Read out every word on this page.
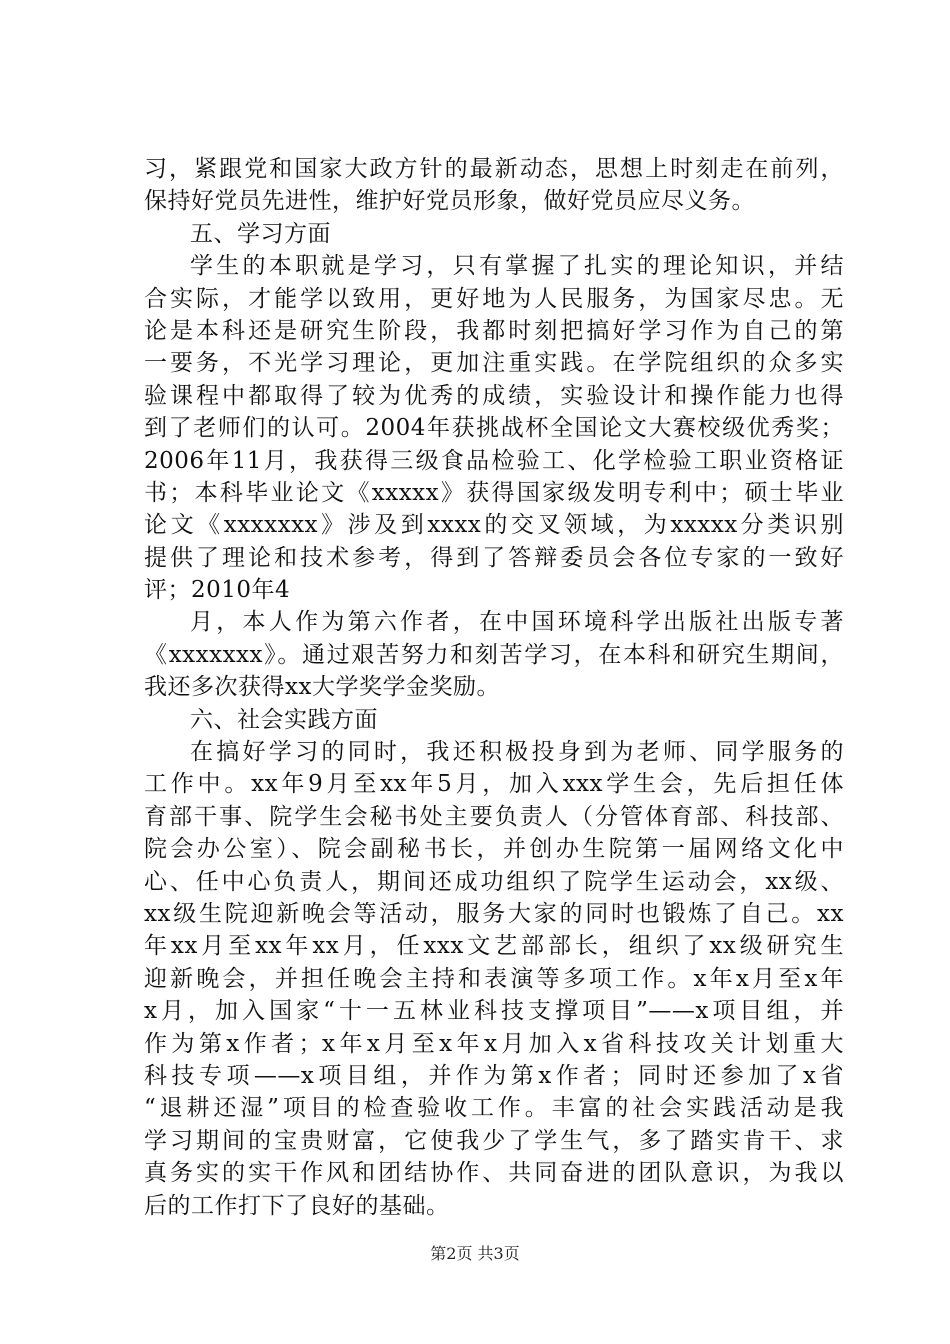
习，紧跟党和国家大政方针的最新动态，思想上时刻走在前列，
保持好党员先进性，维护好党员形象，做好党员应尽义务。
五、学习方面
学生的本职就是学习，只有掌握了扎实的理论知识，并结
合实际，才能学以致用，更好地为人民服务，为国家尽忠。无
论是本科还是研究生阶段，我都时刻把搞好学习作为自己的第
一要务，不光学习理论，更加注重实践。在学院组织的众多实
验课程中都取得了较为优秀的成绩，实验设计和操作能力也得
到了老师们的认可。2004年获挑战杯全国论文大赛校级优秀奖；
2006年11月，我获得三级食品检验工、化学检验工职业资格证
书；本科毕业论文《xxxxx》获得国家级发明专利中；硕士毕业
论文《xxxxxxx》涉及到xxxx的交叉领域，为xxxxx分类识别
提供了理论和技术参考，得到了答辩委员会各位专家的一致好
评；2010年4
月，本人作为第六作者，在中国环境科学出版社出版专著
《xxxxxxx》。通过艰苦努力和刻苦学习，在本科和研究生期间，
我还多次获得xx大学奖学金奖励。
六、社会实践方面
在搞好学习的同时，我还积极投身到为老师、同学服务的
工作中。xx年9月至xx年5月，加入xxx学生会，先后担任体
育部干事、院学生会秘书处主要负责人（分管体育部、科技部、
院会办公室）、院会副秘书长，并创办生院第一届网络文化中
心、任中心负责人，期间还成功组织了院学生运动会，xx级、
xx级生院迎新晚会等活动，服务大家的同时也锻炼了自己。xx
年xx月至xx年xx月，任xxx文艺部部长，组织了xx级研究生
迎新晚会，并担任晚会主持和表演等多项工作。x年x月至x年
x月，加入国家“十一五林业科技支撑项目”——x项目组，并
作为第x作者；x年x月至x年x月加入x省科技攻关计划重大
科技专项——x项目组，并作为第x作者；同时还参加了x省
“退耕还湿”项目的检查验收工作。丰富的社会实践活动是我
学习期间的宝贵财富，它使我少了学生气，多了踏实肯干、求
真务实的实干作风和团结协作、共同奋进的团队意识，为我以
后的工作打下了良好的基础。
第2页 共3页
